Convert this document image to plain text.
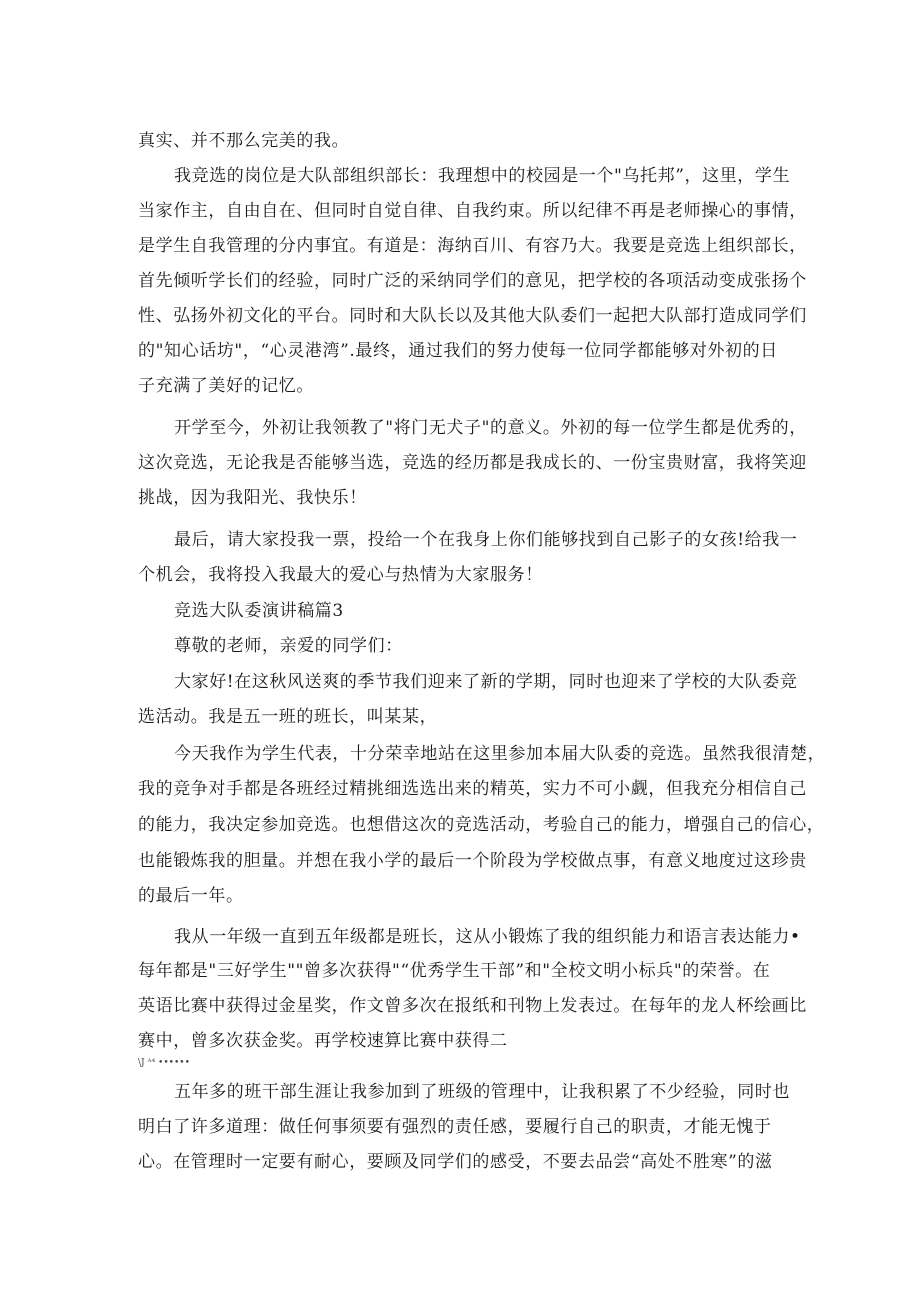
真实、并不那么完美的我。
我竞选的岗位是大队部组织部长：我理想中的校园是一个"乌托邦”，这里，学生
当家作主，自由自在、但同时自觉自律、自我约束。所以纪律不再是老师操心的事情，
是学生自我管理的分内事宜。有道是：海纳百川、有容乃大。我要是竞选上组织部长，
首先倾听学长们的经验，同时广泛的采纳同学们的意见，把学校的各项活动变成张扬个
性、弘扬外初文化的平台。同时和大队长以及其他大队委们一起把大队部打造成同学们
的"知心话坊"，“心灵港湾”.最终，通过我们的努力使每一位同学都能够对外初的日
子充满了美好的记忆。
开学至今，外初让我领教了"将门无犬子"的意义。外初的每一位学生都是优秀的，
这次竞选，无论我是否能够当选，竞选的经历都是我成长的、一份宝贵财富，我将笑迎
挑战，因为我阳光、我快乐！
最后，请大家投我一票，投给一个在我身上你们能够找到自己影子的女孩!给我一
个机会，我将投入我最大的爱心与热情为大家服务！
竞选大队委演讲稿篇3
尊敬的老师，亲爱的同学们：
大家好!在这秋风送爽的季节我们迎来了新的学期，同时也迎来了学校的大队委竞
选活动。我是五一班的班长，叫某某，
今天我作为学生代表，十分荣幸地站在这里参加本届大队委的竞选。虽然我很清楚，
我的竞争对手都是各班经过精挑细选选出来的精英，实力不可小觑，但我充分相信自己
的能力，我决定参加竞选。也想借这次的竞选活动，考验自己的能力，增强自己的信心，
也能锻炼我的胆量。并想在我小学的最后一个阶段为学校做点事，有意义地度过这珍贵
的最后一年。
我从一年级一直到五年级都是班长，这从小锻炼了我的组织能力和语言表达能力•
每年都是"三好学生""曾多次获得"“优秀学生干部”和"全校文明小标兵"的荣誉。在
英语比赛中获得过金星奖，作文曾多次在报纸和刊物上发表过。在每年的龙人杯绘画比
赛中，曾多次获金奖。再学校速算比赛中获得二
\J ᴬ⁴ ••••••
五年多的班干部生涯让我参加到了班级的管理中，让我积累了不少经验，同时也
明白了许多道理：做任何事须要有强烈的责任感，要履行自己的职责，才能无愧于
心。在管理时一定要有耐心，要顾及同学们的感受，不要去品尝“高处不胜寒”的滋
